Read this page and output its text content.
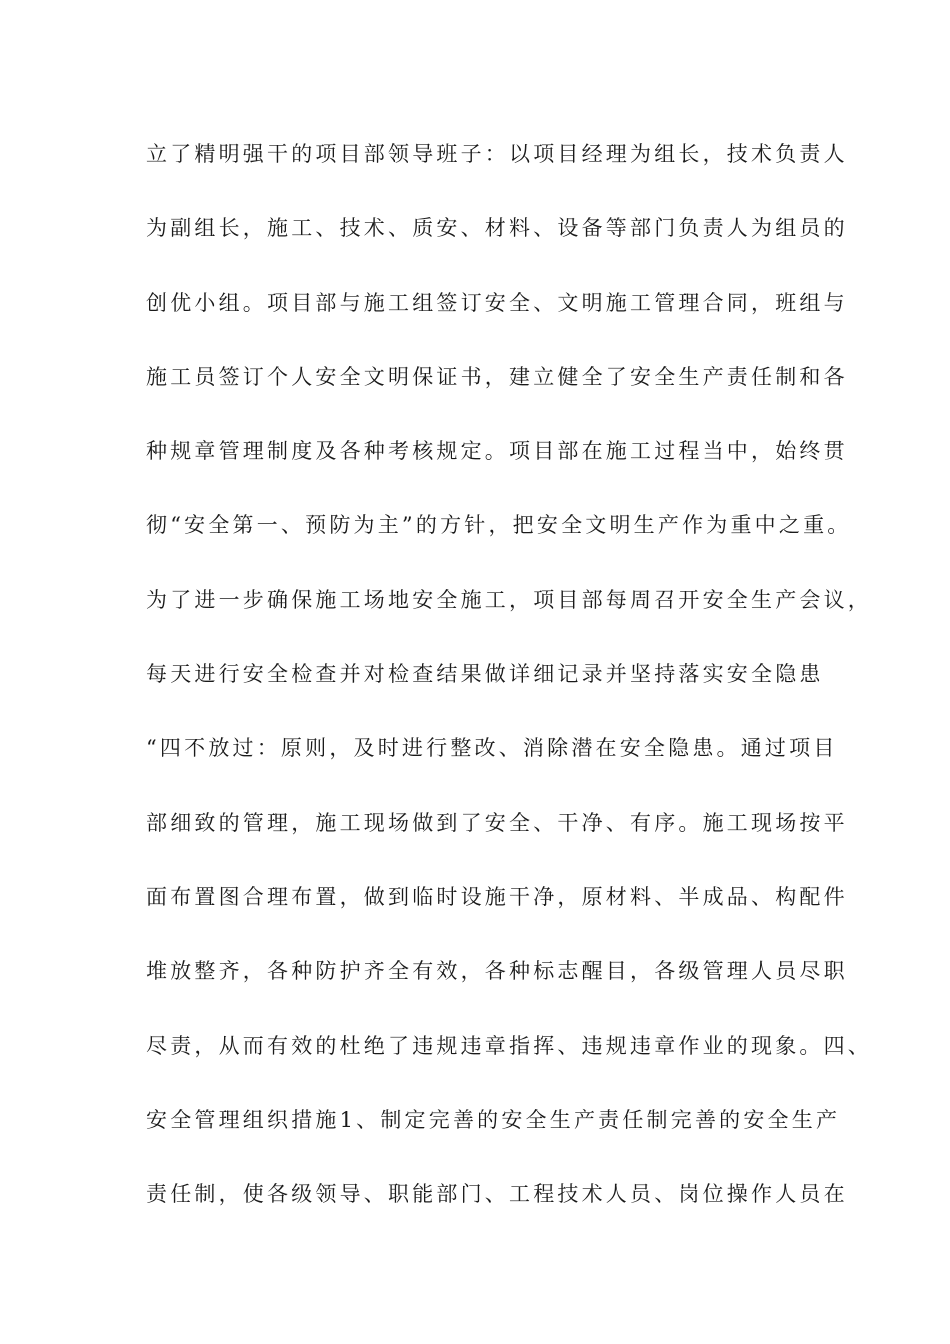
立了精明强干的项目部领导班子：以项目经理为组长，技术负责人
为副组长，施工、技术、质安、材料、设备等部门负责人为组员的
创优小组。项目部与施工组签订安全、文明施工管理合同，班组与
施工员签订个人安全文明保证书，建立健全了安全生产责任制和各
种规章管理制度及各种考核规定。项目部在施工过程当中，始终贯
彻“安全第一、预防为主”的方针，把安全文明生产作为重中之重。
为了进一步确保施工场地安全施工，项目部每周召开安全生产会议，
每天进行安全检查并对检查结果做详细记录并坚持落实安全隐患
“四不放过：原则，及时进行整改、消除潜在安全隐患。通过项目
部细致的管理，施工现场做到了安全、干净、有序。施工现场按平
面布置图合理布置，做到临时设施干净，原材料、半成品、构配件
堆放整齐，各种防护齐全有效，各种标志醒目，各级管理人员尽职
尽责，从而有效的杜绝了违规违章指挥、违规违章作业的现象。四、
安全管理组织措施1、制定完善的安全生产责任制完善的安全生产
责任制，使各级领导、职能部门、工程技术人员、岗位操作人员在
